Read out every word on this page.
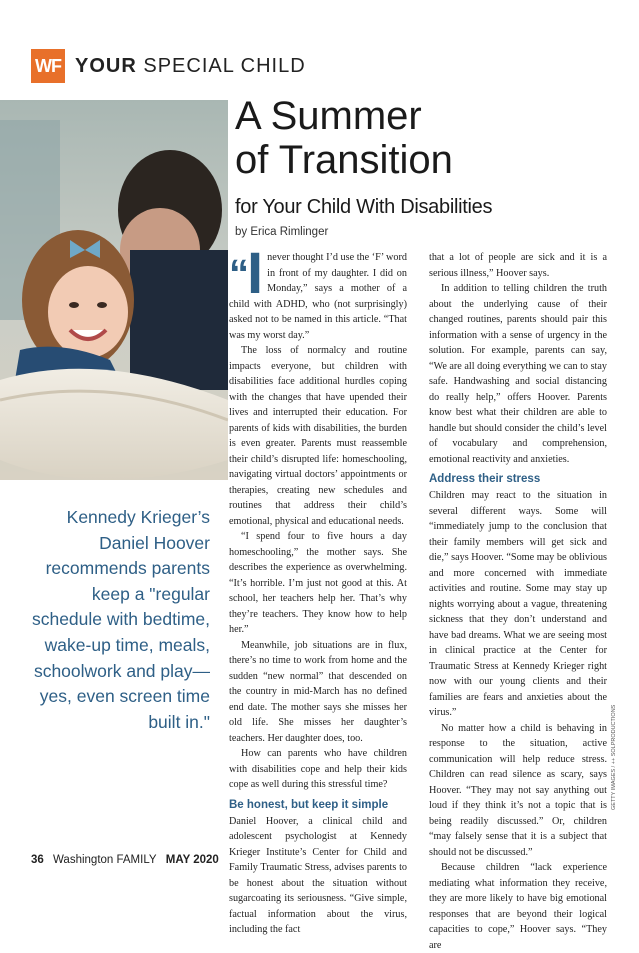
WF YOUR SPECIAL CHILD
Kennedy Krieger’s Daniel Hoover recommends parents keep a "regular schedule with bedtime, wake-up time, meals, schoolwork and play—yes, even screen time built in."
A Summer
of Transition
for Your Child With Disabilities
by Erica Rimlinger

“I never thought I’d use the ‘F’ word in front of my daughter. I did on Monday,” says a mother of a child with ADHD, who (not surprisingly) asked not to be named in this article. “That was my worst day.”

The loss of normalcy and routine impacts everyone, but children with disabilities face additional hurdles coping with the changes that have upended their lives and interrupted their education. For parents of kids with disabilities, the burden is even greater. Parents must reassemble their child’s disrupted life: homeschooling, navigating virtual doctors’ appointments or therapies, creating new schedules and routines that address their child’s emotional, physical and educational needs.

“I spend four to five hours a day homeschooling,” the mother says. She describes the experience as overwhelming. “It’s horrible. I’m just not good at this. At school, her teachers help her. That’s why they’re teachers. They know how to help her.”

Meanwhile, job situations are in flux, there’s no time to work from home and the sudden “new normal” that descended on the country in mid-March has no defined end date. The mother says she misses her old life. She misses her daughter’s teachers. Her daughter does, too.

How can parents who have children with disabilities cope and help their kids cope as well during this stressful time?

Be honest, but keep it simple

Daniel Hoover, a clinical child and adolescent psychologist at Kennedy Krieger Institute’s Center for Child and Family Traumatic Stress, advises parents to be honest about the situation without sugarcoating its seriousness. “Give simple, factual information about the virus, including the fact

that a lot of people are sick and it is a serious illness,” Hoover says.

In addition to telling children the truth about the underlying cause of their changed routines, parents should pair this information with a sense of urgency in the solution. For example, parents can say, “We are all doing everything we can to stay safe. Handwashing and social distancing do really help,” offers Hoover. Parents know best what their children are able to handle but should consider the child’s level of vocabulary and comprehension, emotional reactivity and anxieties.

Address their stress

Children may react to the situation in several different ways. Some will “immediately jump to the conclusion that their family members will get sick and die,” says Hoover. “Some may be oblivious and more concerned with immediate activities and routine. Some may stay up nights worrying about a vague, threatening sickness that they don’t understand and have bad dreams. What we are seeing most in clinical practice at the Center for Traumatic Stress at Kennedy Krieger right now with our young clients and their families are fears and anxieties about the virus.”

No matter how a child is behaving in response to the situation, active communication will help reduce stress. Children can read silence as scary, says Hoover. “They may not say anything out loud if they think it’s not a topic that is being readily discussed.” Or, children “may falsely sense that it is a subject that should not be discussed.”

Because children “lack experience mediating what information they receive, they are more likely to have big emotional responses that are beyond their logical capacities to cope,” Hoover says. “They are

36 Washington FAMILY MAY 2020
GETTY IMAGES / ++ SOLPRODUCTIONS
